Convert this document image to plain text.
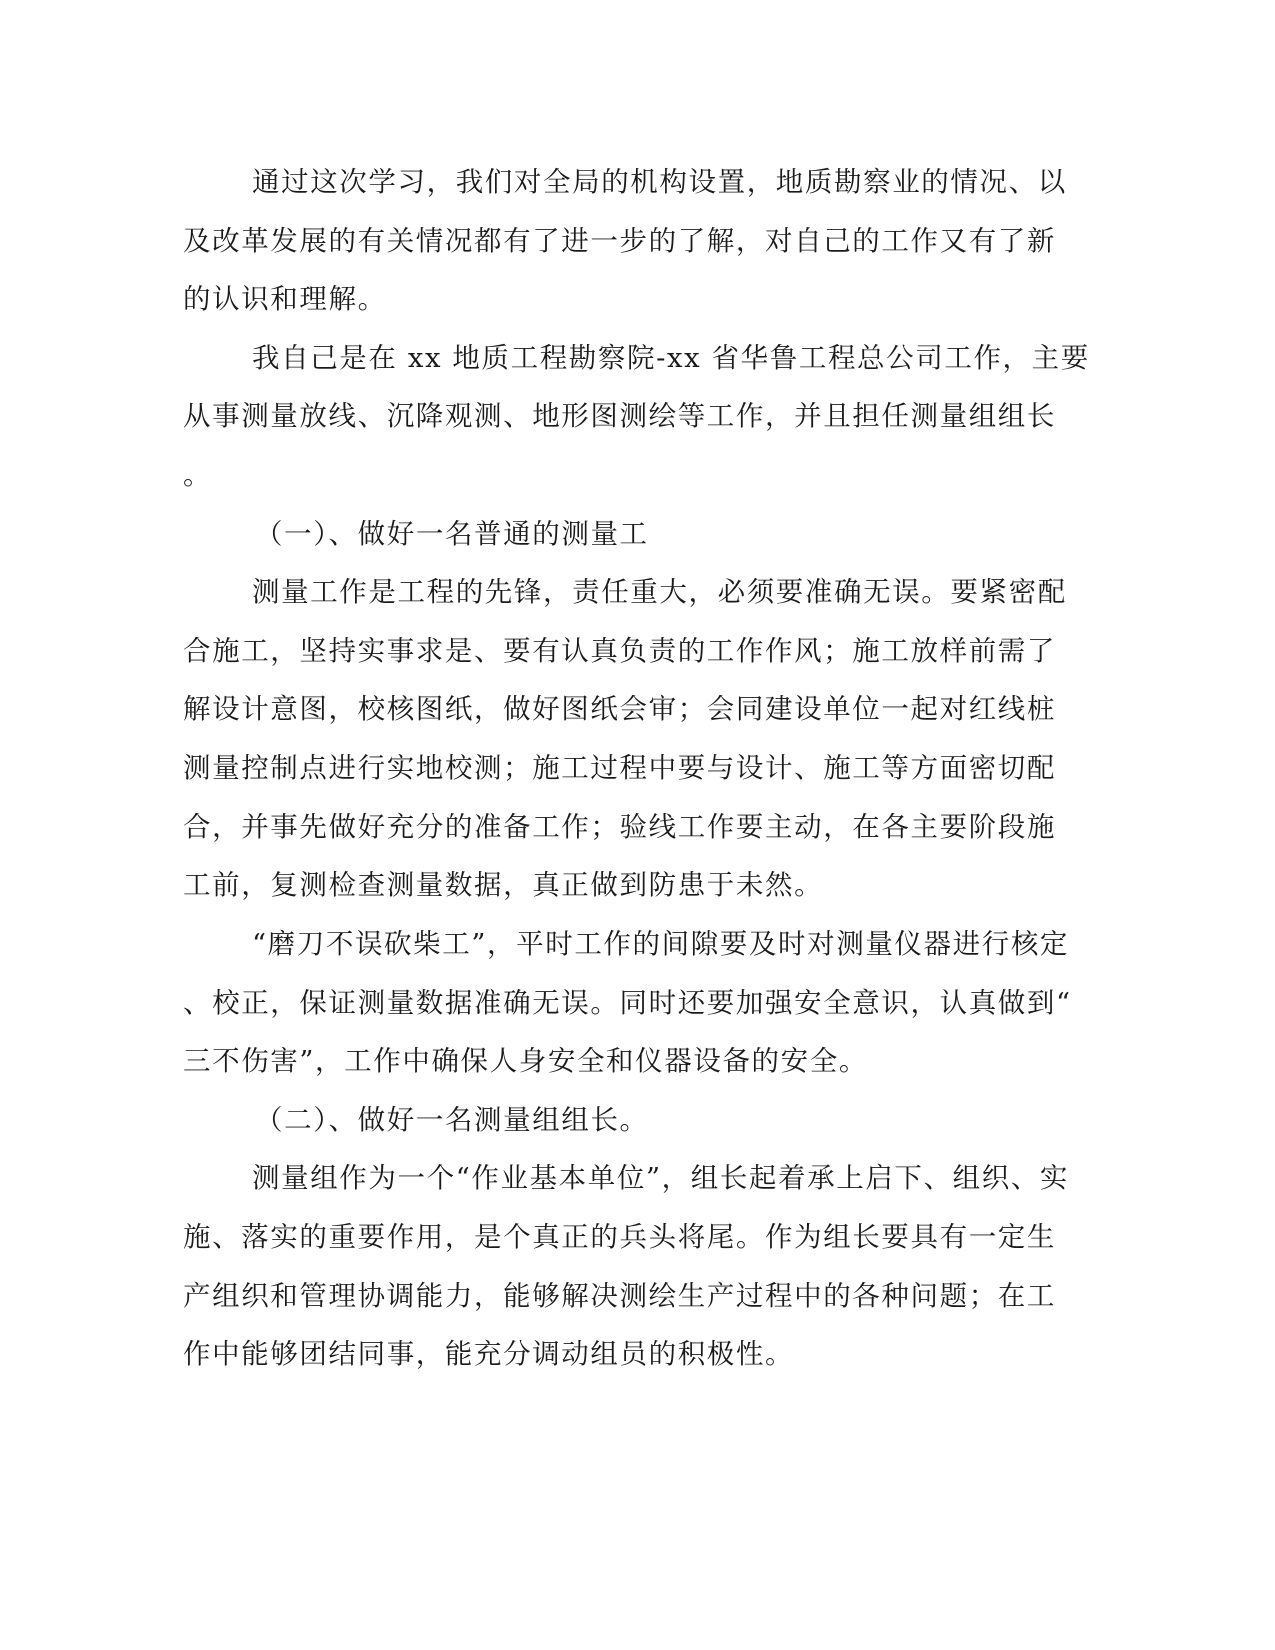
通过这次学习，我们对全局的机构设置，地质勘察业的情况、以
及改革发展的有关情况都有了进一步的了解，对自己的工作又有了新
的认识和理解。
我自己是在 xx 地质工程勘察院-xx 省华鲁工程总公司工作，主要
从事测量放线、沉降观测、地形图测绘等工作，并且担任测量组组长
。
（一）、做好一名普通的测量工
测量工作是工程的先锋，责任重大，必须要准确无误。要紧密配
合施工，坚持实事求是、要有认真负责的工作作风；施工放样前需了
解设计意图，校核图纸，做好图纸会审；会同建设单位一起对红线桩
测量控制点进行实地校测；施工过程中要与设计、施工等方面密切配
合，并事先做好充分的准备工作；验线工作要主动，在各主要阶段施
工前，复测检查测量数据，真正做到防患于未然。
“磨刀不误砍柴工”，平时工作的间隙要及时对测量仪器进行核定
、校正，保证测量数据准确无误。同时还要加强安全意识，认真做到“
三不伤害”，工作中确保人身安全和仪器设备的安全。
（二）、做好一名测量组组长。
测量组作为一个“作业基本单位”，组长起着承上启下、组织、实
施、落实的重要作用，是个真正的兵头将尾。作为组长要具有一定生
产组织和管理协调能力，能够解决测绘生产过程中的各种问题；在工
作中能够团结同事，能充分调动组员的积极性。
